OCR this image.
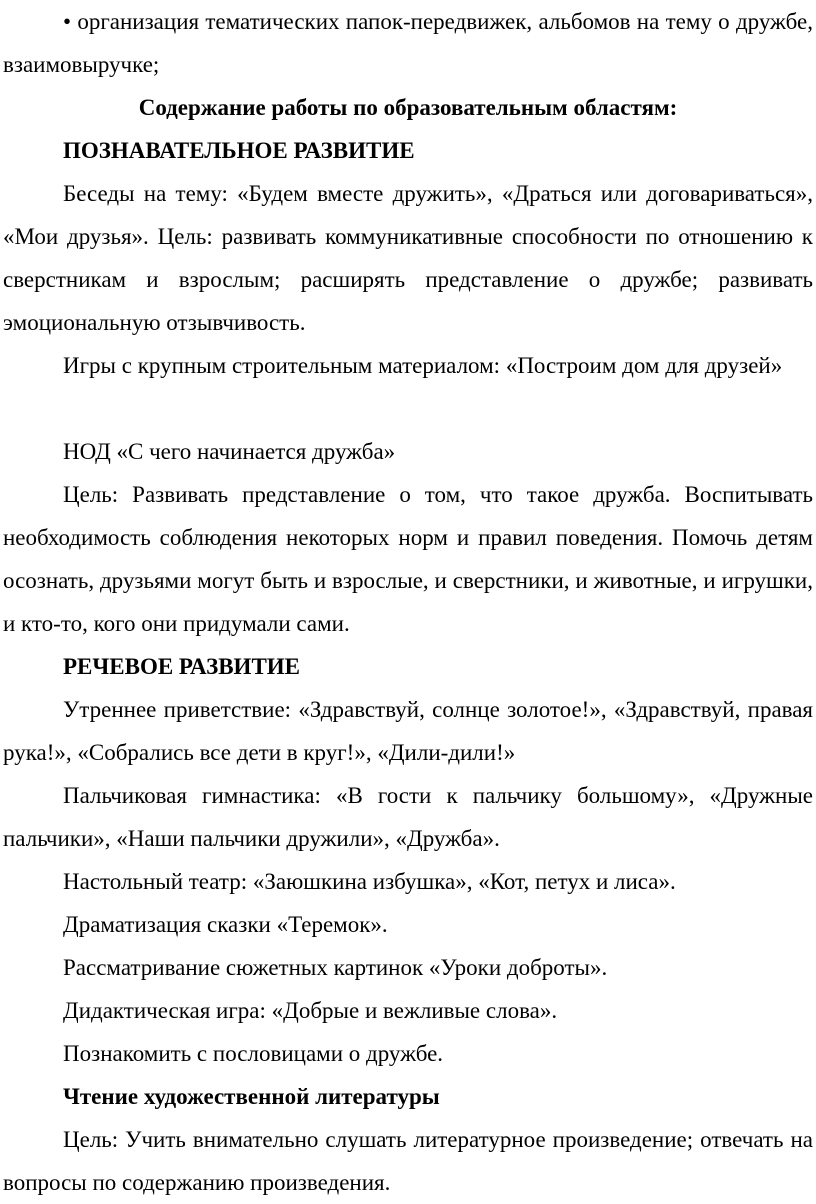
• организация тематических папок-передвижек, альбомов на тему о дружбе, взаимовыручке;

Содержание работы по образовательным областям:

ПОЗНАВАТЕЛЬНОЕ РАЗВИТИЕ

Беседы на тему: «Будем вместе дружить», «Драться или договариваться», «Мои друзья». Цель: развивать коммуникативные способности по отношению к сверстникам и взрослым; расширять представление о дружбе; развивать эмоциональную отзывчивость.

Игры с крупным строительным материалом: «Построим дом для друзей»

НОД «С чего начинается дружба»

Цель: Развивать представление о том, что такое дружба. Воспитывать необходимость соблюдения некоторых норм и правил поведения. Помочь детям осознать, друзьями могут быть и взрослые, и сверстники, и животные, и игрушки, и кто-то, кого они придумали сами.

РЕЧЕВОЕ РАЗВИТИЕ

Утреннее приветствие: «Здравствуй, солнце золотое!», «Здравствуй, правая рука!», «Собрались все дети в круг!», «Дили-дили!»

Пальчиковая гимнастика: «В гости к пальчику большому», «Дружные пальчики», «Наши пальчики дружили», «Дружба».

Настольный театр: «Заюшкина избушка», «Кот, петух и лиса».

Драматизация сказки «Теремок».

Рассматривание сюжетных картинок «Уроки доброты».

Дидактическая игра: «Добрые и вежливые слова».

Познакомить с пословицами о дружбе.

Чтение художественной литературы

Цель: Учить внимательно слушать литературное произведение; отвечать на вопросы по содержанию произведения.
